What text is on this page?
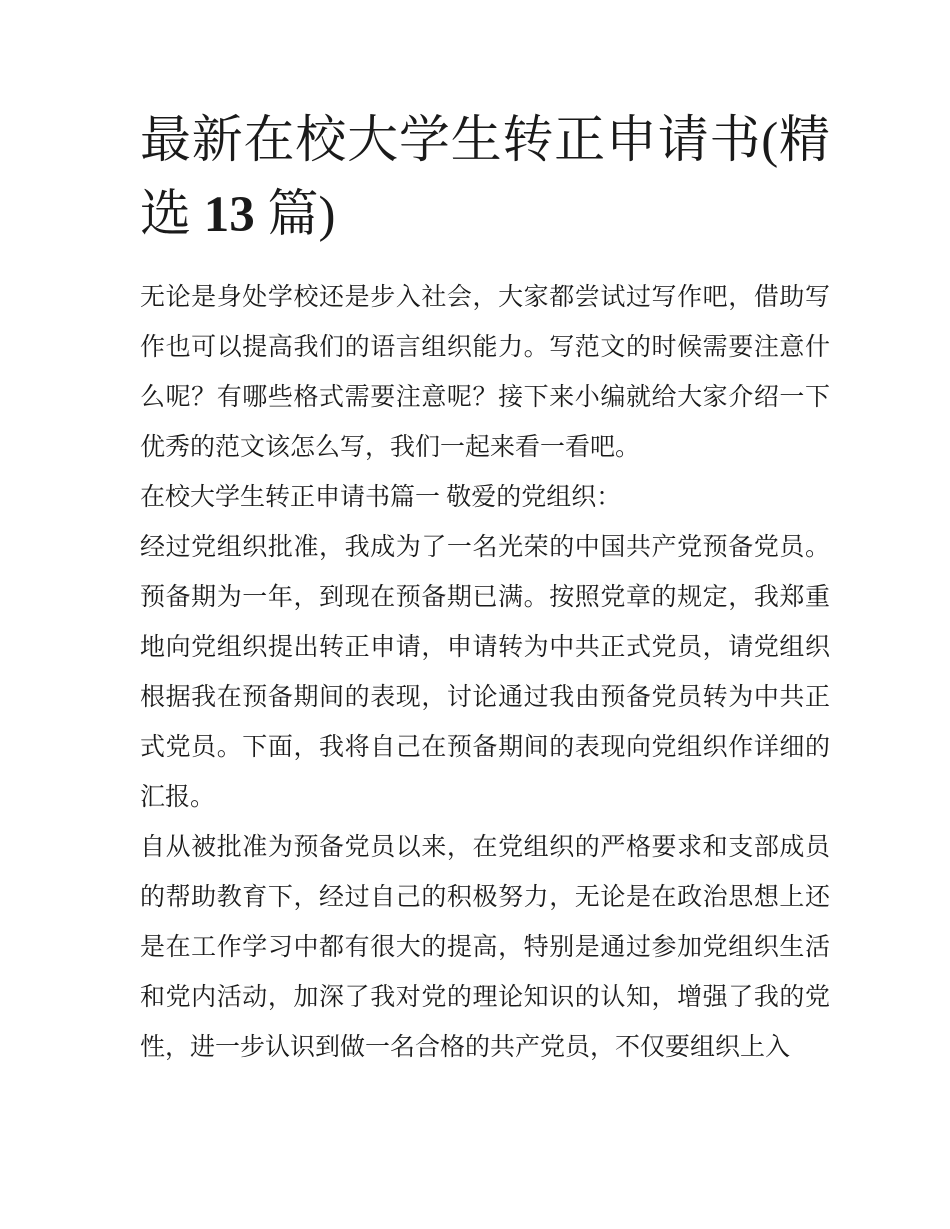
最新在校大学生转正申请书(精
选 13 篇)
无论是身处学校还是步入社会，大家都尝试过写作吧，借助写
作也可以提高我们的语言组织能力。写范文的时候需要注意什
么呢？有哪些格式需要注意呢？接下来小编就给大家介绍一下
优秀的范文该怎么写，我们一起来看一看吧。
在校大学生转正申请书篇一 敬爱的党组织：
经过党组织批准，我成为了一名光荣的中国共产党预备党员。
预备期为一年，到现在预备期已满。按照党章的规定，我郑重
地向党组织提出转正申请，申请转为中共正式党员，请党组织
根据我在预备期间的表现，讨论通过我由预备党员转为中共正
式党员。下面，我将自己在预备期间的表现向党组织作详细的
汇报。
自从被批准为预备党员以来，在党组织的严格要求和支部成员
的帮助教育下，经过自己的积极努力，无论是在政治思想上还
是在工作学习中都有很大的提高，特别是通过参加党组织生活
和党内活动，加深了我对党的理论知识的认知，增强了我的党
性，进一步认识到做一名合格的共产党员，不仅要组织上入
